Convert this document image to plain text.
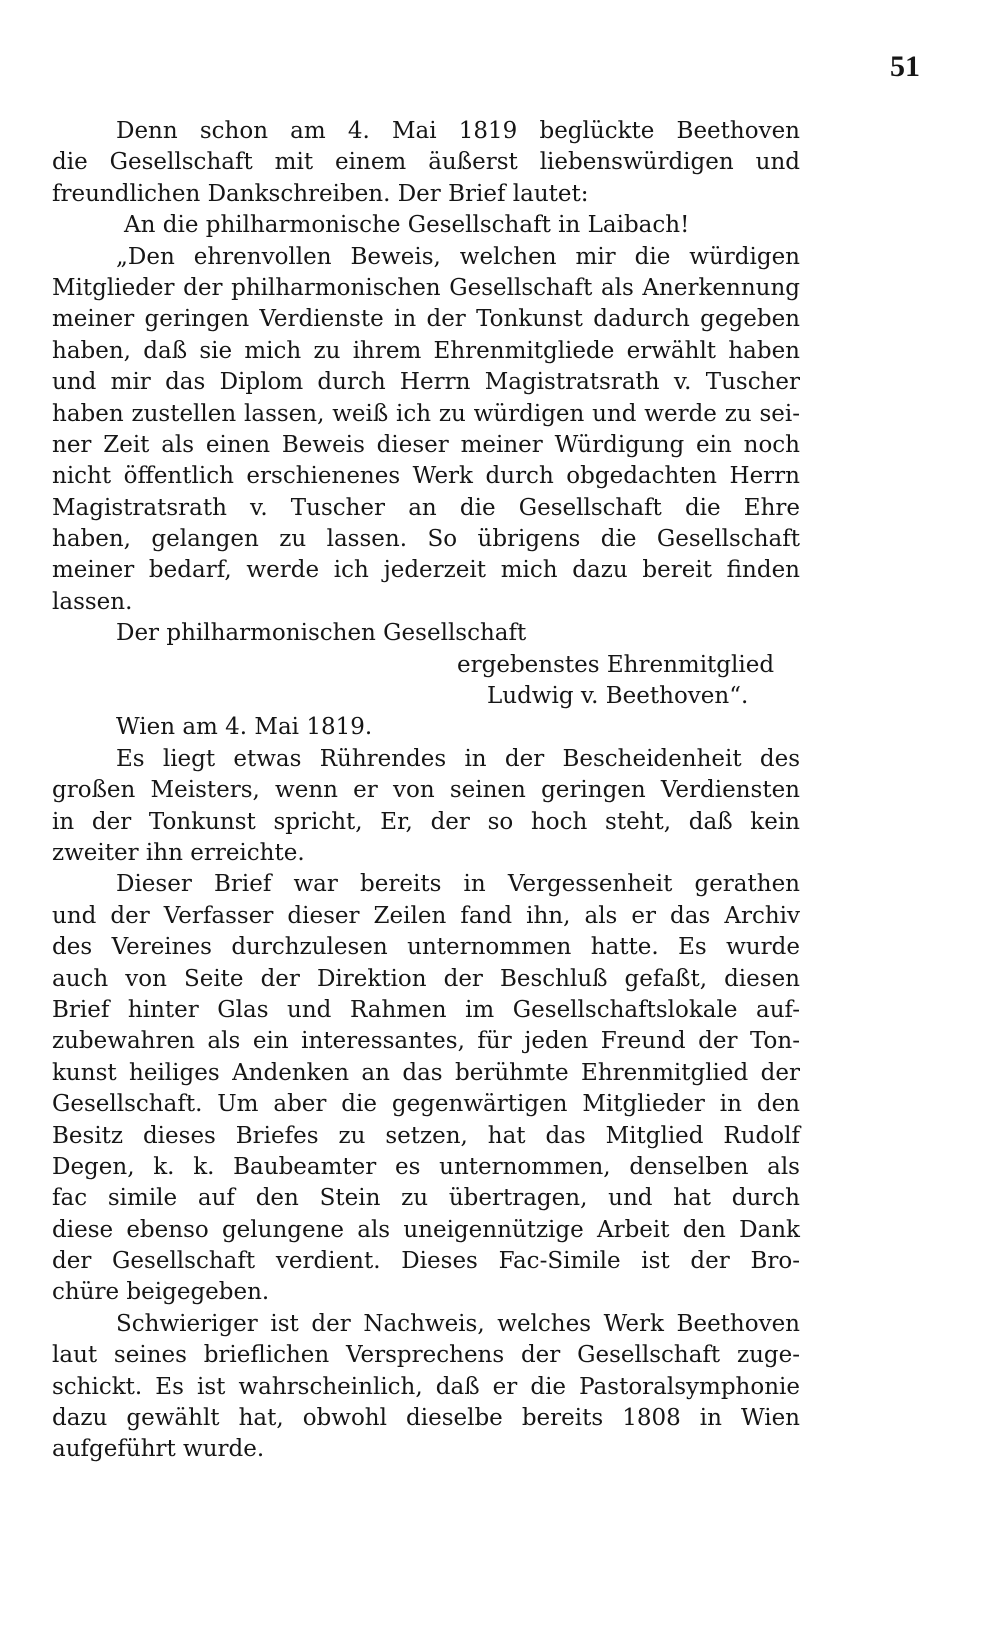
51
Denn schon am 4. Mai 1819 beglückte Beethoven
die Gesellschaft mit einem äußerst liebenswürdigen und
freundlichen Dankschreiben. Der Brief lautet:
An die philharmonische Gesellschaft in Laibach!
„Den ehrenvollen Beweis, welchen mir die würdigen
Mitglieder der philharmonischen Gesellschaft als Anerkennung
meiner geringen Verdienste in der Tonkunst dadurch gegeben
haben, daß sie mich zu ihrem Ehrenmitgliede erwählt haben
und mir das Diplom durch Herrn Magistratsrath v. Tuscher
haben zustellen lassen, weiß ich zu würdigen und werde zu sei-
ner Zeit als einen Beweis dieser meiner Würdigung ein noch
nicht öffentlich erschienenes Werk durch obgedachten Herrn
Magistratsrath v. Tuscher an die Gesellschaft die Ehre
haben, gelangen zu lassen. So übrigens die Gesellschaft
meiner bedarf, werde ich jederzeit mich dazu bereit finden
lassen.
Der philharmonischen Gesellschaft
ergebenstes Ehrenmitglied
Ludwig v. Beethoven“.
Wien am 4. Mai 1819.
Es liegt etwas Rührendes in der Bescheidenheit des
großen Meisters, wenn er von seinen geringen Verdiensten
in der Tonkunst spricht, Er, der so hoch steht, daß kein
zweiter ihn erreichte.
Dieser Brief war bereits in Vergessenheit gerathen
und der Verfasser dieser Zeilen fand ihn, als er das Archiv
des Vereines durchzulesen unternommen hatte. Es wurde
auch von Seite der Direktion der Beschluß gefaßt, diesen
Brief hinter Glas und Rahmen im Gesellschaftslokale auf-
zubewahren als ein interessantes, für jeden Freund der Ton-
kunst heiliges Andenken an das berühmte Ehrenmitglied der
Gesellschaft. Um aber die gegenwärtigen Mitglieder in den
Besitz dieses Briefes zu setzen, hat das Mitglied Rudolf
Degen, k. k. Baubeamter es unternommen, denselben als
fac simile auf den Stein zu übertragen, und hat durch
diese ebenso gelungene als uneigennützige Arbeit den Dank
der Gesellschaft verdient. Dieses Fac-Simile ist der Bro-
chüre beigegeben.
Schwieriger ist der Nachweis, welches Werk Beethoven
laut seines brieflichen Versprechens der Gesellschaft zuge-
schickt. Es ist wahrscheinlich, daß er die Pastoralsymphonie
dazu gewählt hat, obwohl dieselbe bereits 1808 in Wien
aufgeführt wurde.
